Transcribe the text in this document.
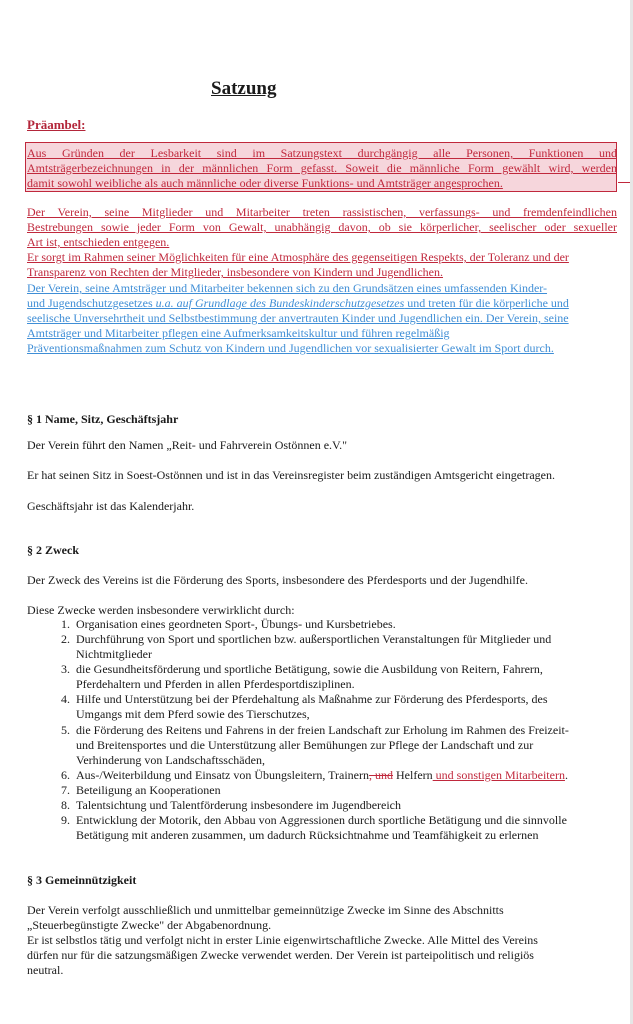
Satzung
Präambel:
Aus Gründen der Lesbarkeit sind im Satzungstext durchgängig alle Personen, Funktionen und
Amtsträgerbezeichnungen in der männlichen Form gefasst. Soweit die männliche Form gewählt wird, werden
damit sowohl weibliche als auch männliche oder diverse Funktions- und Amtsträger angesprochen.
Der Verein, seine Mitglieder und Mitarbeiter treten rassistischen, verfassungs- und fremdenfeindlichen
Bestrebungen sowie jeder Form von Gewalt, unabhängig davon, ob sie körperlicher, seelischer oder sexueller
Art ist, entschieden entgegen.
Er sorgt im Rahmen seiner Möglichkeiten für eine Atmosphäre des gegenseitigen Respekts, der Toleranz und der
Transparenz von Rechten der Mitglieder, insbesondere von Kindern und Jugendlichen.
Der Verein, seine Amtsträger und Mitarbeiter bekennen sich zu den Grundsätzen eines umfassenden Kinder-
und Jugendschutzgesetzes u.a. auf Grundlage des Bundeskinderschutzgesetzes und treten für die körperliche und
seelische Unversehrtheit und Selbstbestimmung der anvertrauten Kinder und Jugendlichen ein. Der Verein, seine
Amtsträger und Mitarbeiter pflegen eine Aufmerksamkeitskultur und führen regelmäßig
Präventionsmaßnahmen zum Schutz von Kindern und Jugendlichen vor sexualisierter Gewalt im Sport durch.
§ 1 Name, Sitz, Geschäftsjahr
Der Verein führt den Namen „Reit- und Fahrverein Ostönnen e.V."
Er hat seinen Sitz in Soest-Ostönnen und ist in das Vereinsregister beim zuständigen Amtsgericht eingetragen.
Geschäftsjahr ist das Kalenderjahr.
§ 2 Zweck
Der Zweck des Vereins ist die Förderung des Sports, insbesondere des Pferdesports und der Jugendhilfe.
Diese Zwecke werden insbesondere verwirklicht durch:
1. Organisation eines geordneten Sport-, Übungs- und Kursbetriebes.
2. Durchführung von Sport und sportlichen bzw. außersportlichen Veranstaltungen für Mitglieder und
Nichtmitglieder
3. die Gesundheitsförderung und sportliche Betätigung, sowie die Ausbildung von Reitern, Fahrern,
Pferdehaltern und Pferden in allen Pferdesportdisziplinen.
4. Hilfe und Unterstützung bei der Pferdehaltung als Maßnahme zur Förderung des Pferdesports, des
Umgangs mit dem Pferd sowie des Tierschutzes,
5. die Förderung des Reitens und Fahrens in der freien Landschaft zur Erholung im Rahmen des Freizeit-
und Breitensportes und die Unterstützung aller Bemühungen zur Pflege der Landschaft und zur
Verhinderung von Landschaftsschäden,
6. Aus-/Weiterbildung und Einsatz von Übungsleitern, Trainern, und Helfern und sonstigen Mitarbeitern.
7. Beteiligung an Kooperationen
8. Talentsichtung und Talentförderung insbesondere im Jugendbereich
9. Entwicklung der Motorik, den Abbau von Aggressionen durch sportliche Betätigung und die sinnvolle
Betätigung mit anderen zusammen, um dadurch Rücksichtnahme und Teamfähigkeit zu erlernen
§ 3 Gemeinnützigkeit
Der Verein verfolgt ausschließlich und unmittelbar gemeinnützige Zwecke im Sinne des Abschnitts
„Steuerbegünstigte Zwecke" der Abgabenordnung.
Er ist selbstlos tätig und verfolgt nicht in erster Linie eigenwirtschaftliche Zwecke. Alle Mittel des Vereins
dürfen nur für die satzungsmäßigen Zwecke verwendet werden. Der Verein ist parteipolitisch und religiös
neutral.
